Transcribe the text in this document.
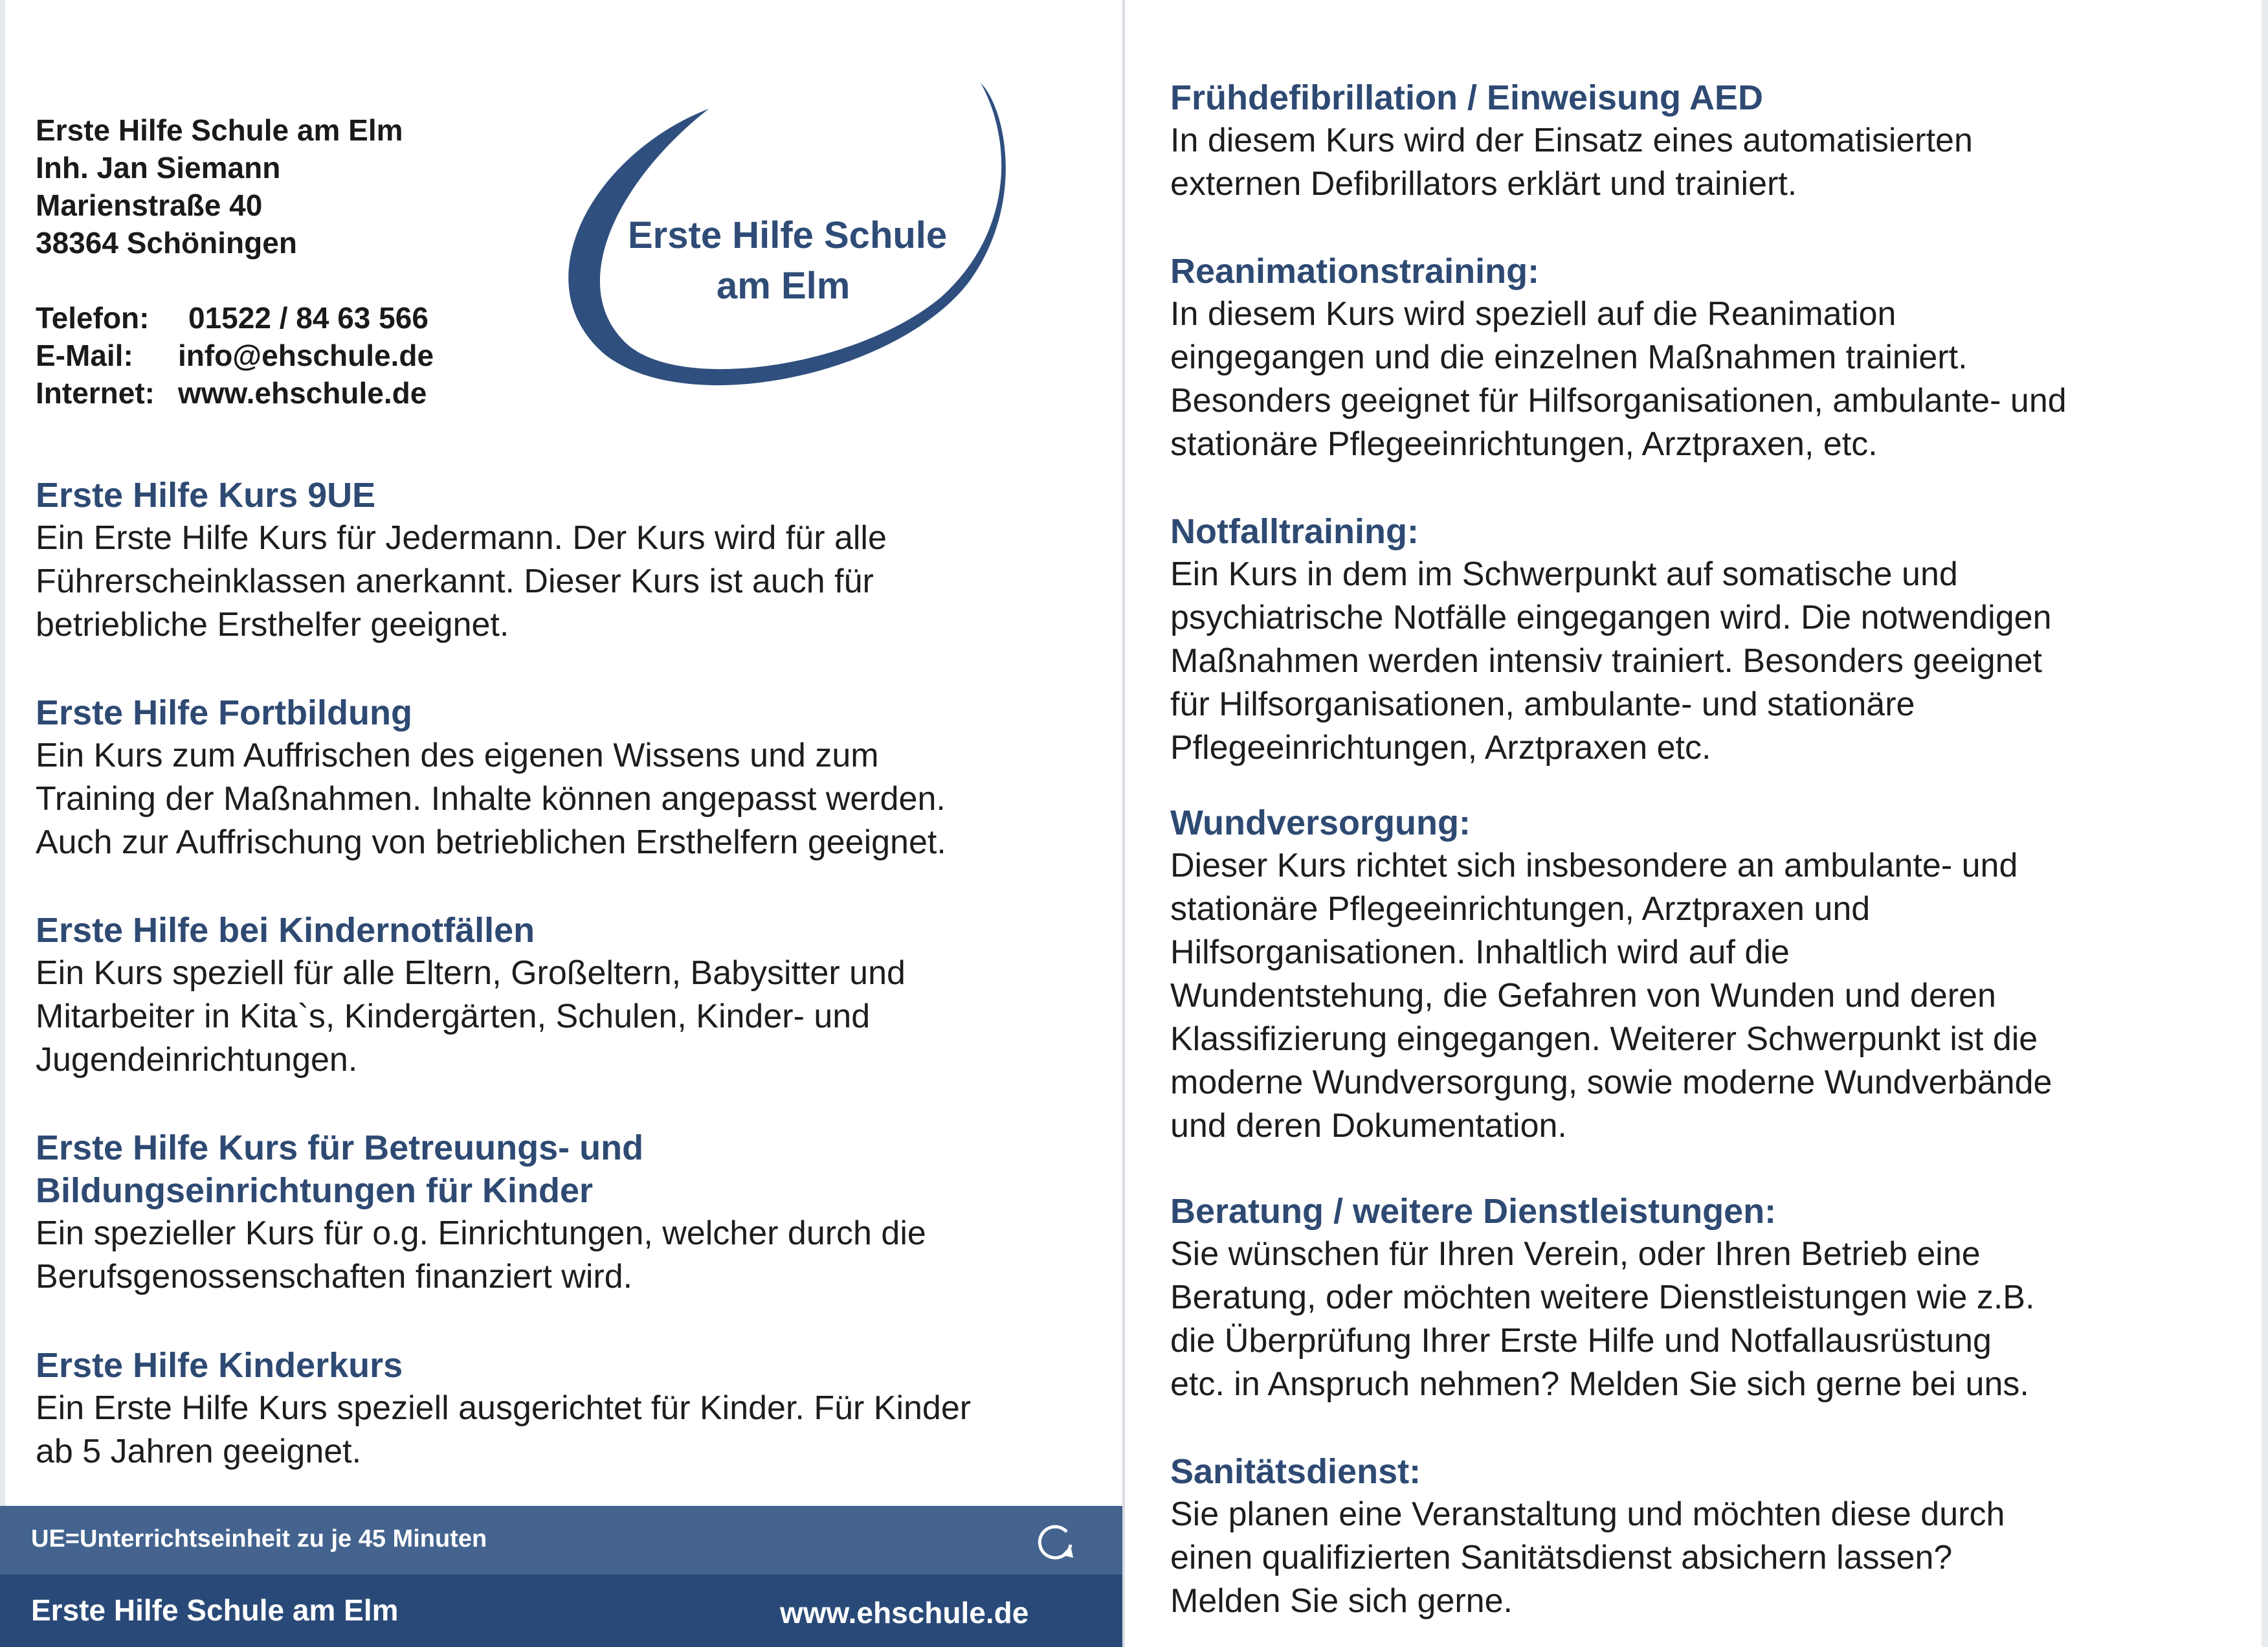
Erste Hilfe Schule am Elm
Inh. Jan Siemann
Marienstraße 40
38364 Schöningen
Telefon:	01522 / 84 63 566
E-Mail:	info@ehschule.de
Internet: www.ehschule.de
Erste Hilfe Schule
am Elm
Erste Hilfe Kurs 9UE

Ein Erste Hilfe Kurs für Jedermann. Der Kurs wird für alle

Führerscheinklassen anerkannt. Dieser Kurs ist auch für

betriebliche Ersthelfer geeignet.

Erste Hilfe Fortbildung

Ein Kurs zum Auffrischen des eigenen Wissens und zum

Training der Maßnahmen. Inhalte können angepasst werden.

Auch zur Auffrischung von betrieblichen Ersthelfern geeignet.

Erste Hilfe bei Kindernotfällen

Ein Kurs speziell für alle Eltern, Großeltern, Babysitter und

Mitarbeiter in Kita`s, Kindergärten, Schulen, Kinder- und

Jugendeinrichtungen.

Erste Hilfe Kurs für Betreuungs- und
Bildungseinrichtungen für Kinder

Ein spezieller Kurs für o.g. Einrichtungen, welcher durch die

Berufsgenossenschaften finanziert wird.

Erste Hilfe Kinderkurs

Ein Erste Hilfe Kurs speziell ausgerichtet für Kinder. Für Kinder

ab 5 Jahren geeignet.

UE=Unterrichtseinheit zu je 45 Minuten
Erste Hilfe Schule am Elm	www.ehschule.de
Frühdefibrillation / Einweisung AED

In diesem Kurs wird der Einsatz eines automatisierten

externen Defibrillators erklärt und trainiert.

Reanimationstraining:

In diesem Kurs wird speziell auf die Reanimation

eingegangen und die einzelnen Maßnahmen trainiert.

Besonders geeignet für Hilfsorganisationen, ambulante- und

stationäre Pflegeeinrichtungen, Arztpraxen, etc.

Notfalltraining:

Ein Kurs in dem im Schwerpunkt auf somatische und

psychiatrische Notfälle eingegangen wird. Die notwendigen

Maßnahmen werden intensiv trainiert. Besonders geeignet

für Hilfsorganisationen, ambulante- und stationäre

Pflegeeinrichtungen, Arztpraxen etc.

Wundversorgung:

Dieser Kurs richtet sich insbesondere an ambulante- und

stationäre Pflegeeinrichtungen, Arztpraxen und

Hilfsorganisationen. Inhaltlich wird auf die

Wundentstehung, die Gefahren von Wunden und deren

Klassifizierung eingegangen. Weiterer Schwerpunkt ist die

moderne Wundversorgung, sowie moderne Wundverbände

und deren Dokumentation.

Beratung / weitere Dienstleistungen:

Sie wünschen für Ihren Verein, oder Ihren Betrieb eine

Beratung, oder möchten weitere Dienstleistungen wie z.B.

die Überprüfung Ihrer Erste Hilfe und Notfallausrüstung

etc. in Anspruch nehmen? Melden Sie sich gerne bei uns.

Sanitätsdienst:

Sie planen eine Veranstaltung und möchten diese durch

einen qualifizierten Sanitätsdienst absichern lassen?

Melden Sie sich gerne.
